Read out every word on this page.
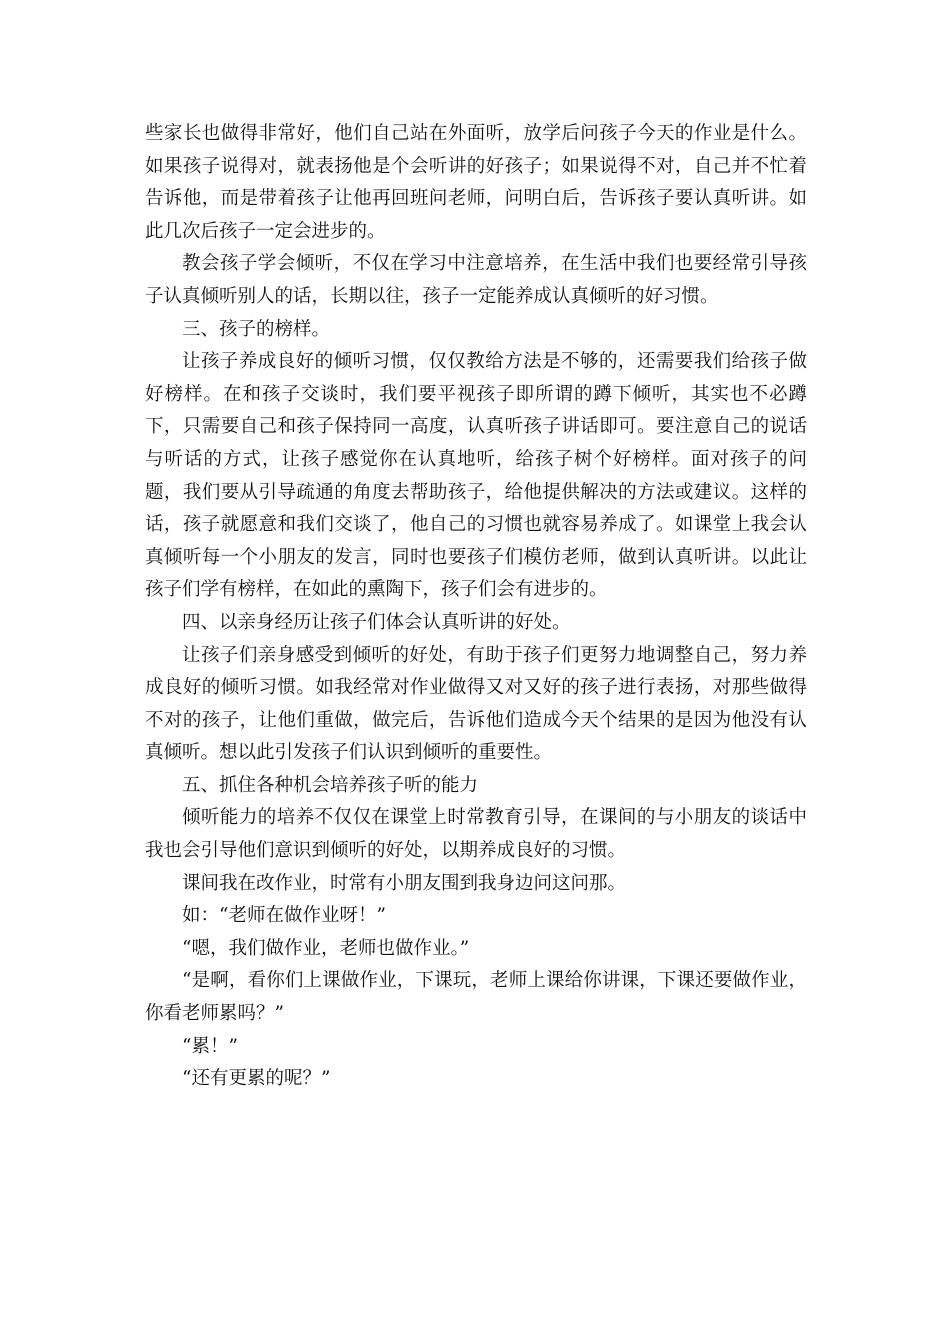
些家长也做得非常好，他们自己站在外面听，放学后问孩子今天的作业是什么。如果孩子说得对，就表扬他是个会听讲的好孩子；如果说得不对，自己并不忙着告诉他，而是带着孩子让他再回班问老师，问明白后，告诉孩子要认真听讲。如此几次后孩子一定会进步的。

教会孩子学会倾听，不仅在学习中注意培养，在生活中我们也要经常引导孩子认真倾听别人的话，长期以往，孩子一定能养成认真倾听的好习惯。

三、孩子的榜样。

让孩子养成良好的倾听习惯，仅仅教给方法是不够的，还需要我们给孩子做好榜样。在和孩子交谈时，我们要平视孩子即所谓的蹲下倾听，其实也不必蹲下，只需要自己和孩子保持同一高度，认真听孩子讲话即可。要注意自己的说话与听话的方式，让孩子感觉你在认真地听，给孩子树个好榜样。面对孩子的问题，我们要从引导疏通的角度去帮助孩子，给他提供解决的方法或建议。这样的话，孩子就愿意和我们交谈了，他自己的习惯也就容易养成了。如课堂上我会认真倾听每一个小朋友的发言，同时也要孩子们模仿老师，做到认真听讲。以此让孩子们学有榜样，在如此的熏陶下，孩子们会有进步的。

四、以亲身经历让孩子们体会认真听讲的好处。

让孩子们亲身感受到倾听的好处，有助于孩子们更努力地调整自己，努力养成良好的倾听习惯。如我经常对作业做得又对又好的孩子进行表扬，对那些做得不对的孩子，让他们重做，做完后，告诉他们造成今天个结果的是因为他没有认真倾听。想以此引发孩子们认识到倾听的重要性。

五、抓住各种机会培养孩子听的能力

倾听能力的培养不仅仅在课堂上时常教育引导，在课间的与小朋友的谈话中我也会引导他们意识到倾听的好处，以期养成良好的习惯。

课间我在改作业，时常有小朋友围到我身边问这问那。

如：“老师在做作业呀！”

“嗯，我们做作业，老师也做作业。”

“是啊，看你们上课做作业，下课玩，老师上课给你讲课，下课还要做作业，你看老师累吗？”

“累！”

“还有更累的呢？”
